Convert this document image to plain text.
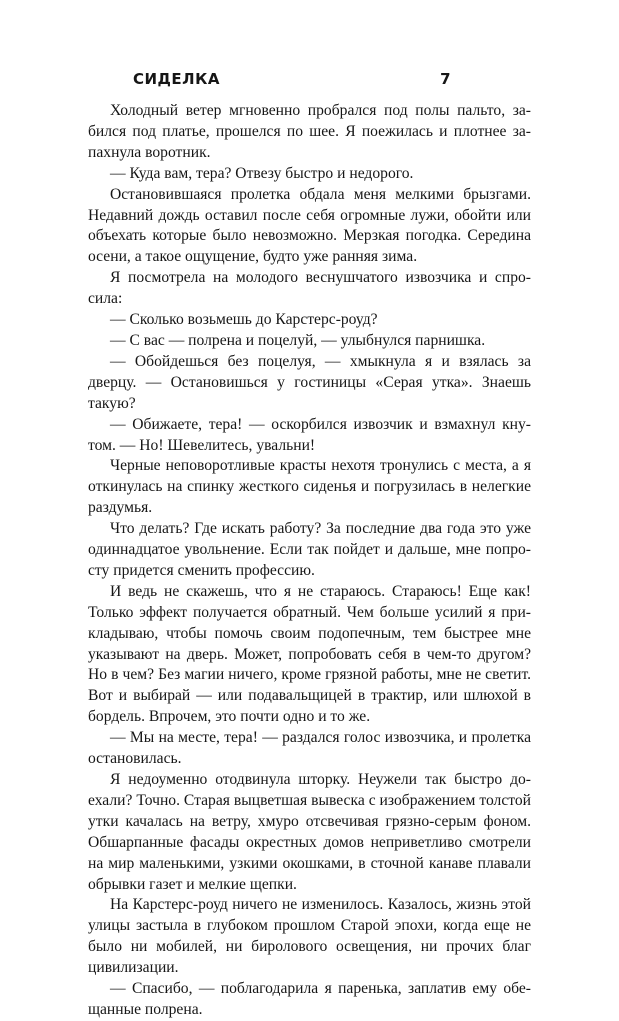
СИДЕЛКА	7

Холодный ветер мгновенно пробрался под полы пальто, забился под платье, прошелся по шее. Я поежилась и плотнее запахнула воротник.

— Куда вам, тера? Отвезу быстро и недорого.

Остановившаяся пролетка обдала меня мелкими брызгами. Недавний дождь оставил после себя огромные лужи, обойти или объехать которые было невозможно. Мерзкая погодка. Середина осени, а такое ощущение, будто уже ранняя зима.

Я посмотрела на молодого веснушчатого извозчика и спросила:

— Сколько возьмешь до Карстерс-роуд?

— С вас — полрена и поцелуй, — улыбнулся парнишка.

— Обойдешься без поцелуя, — хмыкнула я и взялась за дверцу. — Остановишься у гостиницы «Серая утка». Знаешь такую?

— Обижаете, тера! — оскорбился извозчик и взмахнул кнутом. — Но! Шевелитесь, увальни!

Черные неповоротливые красты нехотя тронулись с места, а я откинулась на спинку жесткого сиденья и погрузилась в нелегкие раздумья.

Что делать? Где искать работу? За последние два года это уже одиннадцатое увольнение. Если так пойдет и дальше, мне попросту придется сменить профессию.

И ведь не скажешь, что я не стараюсь. Стараюсь! Еще как! Только эффект получается обратный. Чем больше усилий я прикладываю, чтобы помочь своим подопечным, тем быстрее мне указывают на дверь. Может, попробовать себя в чем-то другом? Но в чем? Без магии ничего, кроме грязной работы, мне не светит. Вот и выбирай — или подавальщицей в трактир, или шлюхой в бордель. Впрочем, это почти одно и то же.

— Мы на месте, тера! — раздался голос извозчика, и пролетка остановилась.

Я недоуменно отодвинула шторку. Неужели так быстро доехали? Точно. Старая выцветшая вывеска с изображением толстой утки качалась на ветру, хмуро отсвечивая грязно-серым фоном. Обшарпанные фасады окрестных домов неприветливо смотрели на мир маленькими, узкими окошками, в сточной канаве плавали обрывки газет и мелкие щепки.

На Карстерс-роуд ничего не изменилось. Казалось, жизнь этой улицы застыла в глубоком прошлом Старой эпохи, когда еще не было ни мобилей, ни биролового освещения, ни прочих благ цивилизации.

— Спасибо, — поблагодарила я паренька, заплатив ему обещанные полрена.
